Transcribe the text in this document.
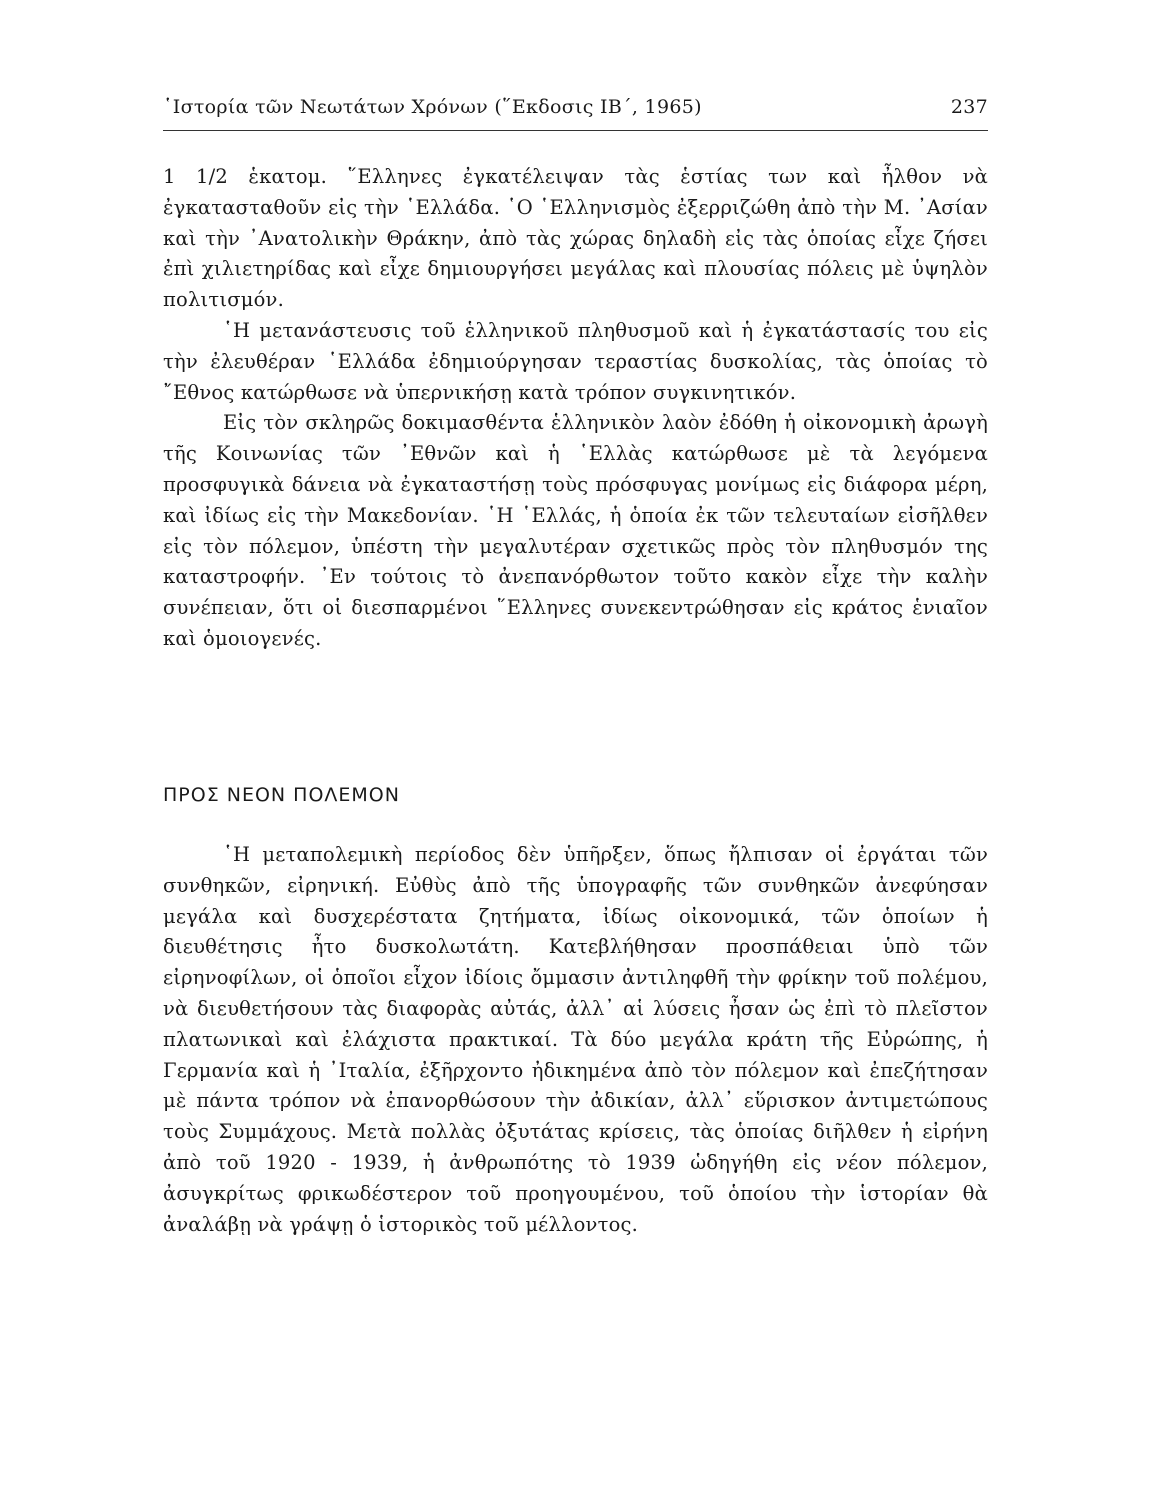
῾Ιστορία τῶν Νεωτάτων Χρόνων (῞Εκδοσις ΙΒ΄, 1965)	237

1 1/2 ἑκατομ. ῞Ελληνες ἐγκατέλειψαν τὰς ἑστίας των καὶ ἦλθον νὰ ἐγκατασταθοῦν εἰς τὴν ῾Ελλάδα. ῾Ο ῾Ελληνισμὸς ἐξερριζώθη ἀπὸ τὴν Μ. ᾿Ασίαν καὶ τὴν ᾿Ανατολικὴν Θράκην, ἀπὸ τὰς χώρας δηλαδὴ εἰς τὰς ὁποίας εἶχε ζήσει ἐπὶ χιλιετηρίδας καὶ εἶχε δημιουργήσει μεγάλας καὶ πλουσίας πόλεις μὲ ὑψηλὸν πολιτισμόν.

῾Η μετανάστευσις τοῦ ἑλληνικοῦ πληθυσμοῦ καὶ ἡ ἐγκατάστασίς του εἰς τὴν ἐλευθέραν ῾Ελλάδα ἐδημιούργησαν τεραστίας δυσκολίας, τὰς ὁποίας τὸ ῎Εθνος κατώρθωσε νὰ ὑπερνικήσῃ κατὰ τρόπον συγκινητικόν.

Εἰς τὸν σκληρῶς δοκιμασθέντα ἑλληνικὸν λαὸν ἐδόθη ἡ οἰκονομικὴ ἀρωγὴ τῆς Κοινωνίας τῶν ᾿Εθνῶν καὶ ἡ ῾Ελλὰς κατώρθωσε μὲ τὰ λεγόμενα προσφυγικὰ δάνεια νὰ ἐγκαταστήσῃ τοὺς πρόσφυγας μονίμως εἰς διάφορα μέρη, καὶ ἰδίως εἰς τὴν Μακεδονίαν. ῾Η ῾Ελλάς, ἡ ὁποία ἐκ τῶν τελευταίων εἰσῆλθεν εἰς τὸν πόλεμον, ὑπέστη τὴν μεγαλυτέραν σχετικῶς πρὸς τὸν πληθυσμόν της καταστροφήν. ᾿Εν τούτοις τὸ ἀνεπανόρθωτον τοῦτο κακὸν εἶχε τὴν καλὴν συνέπειαν, ὅτι οἱ διεσπαρμένοι ῞Ελληνες συνεκεντρώθησαν εἰς κράτος ἑνιαῖον καὶ ὁμοιογενές.

ΠΡΟΣ ΝΕΟΝ ΠΟΛΕΜΟΝ

῾Η μεταπολεμικὴ περίοδος δὲν ὑπῆρξεν, ὅπως ἤλπισαν οἱ ἐργάται τῶν συνθηκῶν, εἰρηνική. Εὐθὺς ἀπὸ τῆς ὑπογραφῆς τῶν συνθηκῶν ἀνεφύησαν μεγάλα καὶ δυσχερέστατα ζητήματα, ἰδίως οἰκονομικά, τῶν ὁποίων ἡ διευθέτησις ἦτο δυσκολωτάτη. Κατεβλήθησαν προσπάθειαι ὑπὸ τῶν εἰρηνοφίλων, οἱ ὁποῖοι εἶχον ἰδίοις ὄμμασιν ἀντιληφθῆ τὴν φρίκην τοῦ πολέμου, νὰ διευθετήσουν τὰς διαφορὰς αὐτάς, ἀλλ᾿ αἱ λύσεις ἦσαν ὡς ἐπὶ τὸ πλεῖστον πλατωνικαὶ καὶ ἐλάχιστα πρακτικαί. Τὰ δύο μεγάλα κράτη τῆς Εὐρώπης, ἡ Γερμανία καὶ ἡ ᾿Ιταλία, ἐξῆρχοντο ἠδικημένα ἀπὸ τὸν πόλεμον καὶ ἐπεζήτησαν μὲ πάντα τρόπον νὰ ἐπανορθώσουν τὴν ἀδικίαν, ἀλλ᾿ εὕρισκον ἀντιμετώπους τοὺς Συμμάχους. Μετὰ πολλὰς ὀξυτάτας κρίσεις, τὰς ὁποίας διῆλθεν ἡ εἰρήνη ἀπὸ τοῦ 1920 - 1939, ἡ ἀνθρωπότης τὸ 1939 ὡδηγήθη εἰς νέον πόλεμον, ἀσυγκρίτως φρικωδέστερον τοῦ προηγουμένου, τοῦ ὁποίου τὴν ἱστορίαν θὰ ἀναλάβῃ νὰ γράψῃ ὁ ἱστορικὸς τοῦ μέλλοντος.
